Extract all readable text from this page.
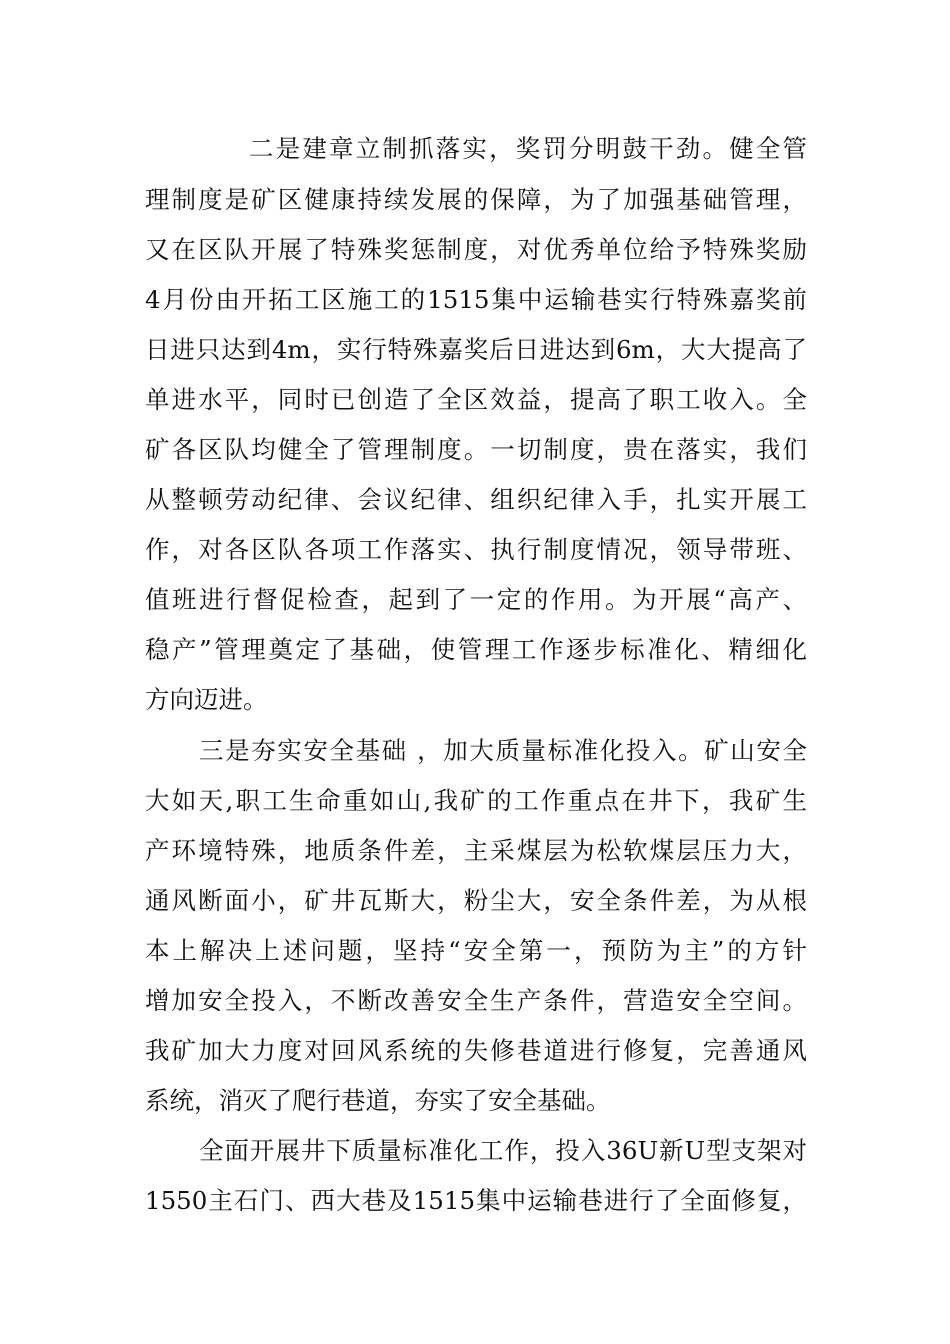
二是建章立制抓落实，奖罚分明鼓干劲。健全管
理制度是矿区健康持续发展的保障，为了加强基础管理，
又在区队开展了特殊奖惩制度，对优秀单位给予特殊奖励
4月份由开拓工区施工的1515集中运输巷实行特殊嘉奖前
日进只达到4m，实行特殊嘉奖后日进达到6m，大大提高了
单进水平，同时已创造了全区效益，提高了职工收入。全
矿各区队均健全了管理制度。一切制度，贵在落实，我们
从整顿劳动纪律、会议纪律、组织纪律入手，扎实开展工
作，对各区队各项工作落实、执行制度情况，领导带班、
值班进行督促检查，起到了一定的作用。为开展“高产、
稳产”管理奠定了基础，使管理工作逐步标准化、精细化
方向迈进。
三是夯实安全基础 ，加大质量标准化投入。矿山安全
大如天,职工生命重如山,我矿的工作重点在井下，我矿生
产环境特殊，地质条件差，主采煤层为松软煤层压力大，
通风断面小，矿井瓦斯大，粉尘大，安全条件差，为从根
本上解决上述问题，坚持“安全第一，预防为主”的方针
增加安全投入，不断改善安全生产条件，营造安全空间。
我矿加大力度对回风系统的失修巷道进行修复，完善通风
系统，消灭了爬行巷道，夯实了安全基础。
全面开展井下质量标准化工作，投入36U新U型支架对
1550主石门、西大巷及1515集中运输巷进行了全面修复，
